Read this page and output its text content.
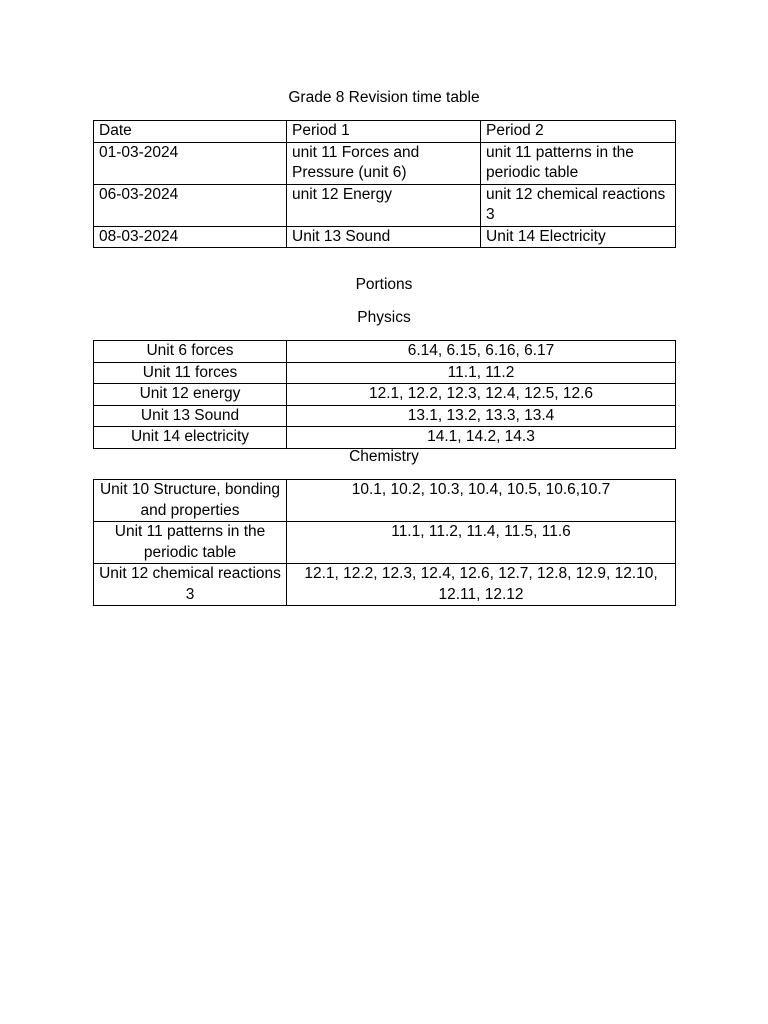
Grade 8 Revision time table
Date	Period 1	Period 2
01-03-2024	unit 11 Forces and Pressure (unit 6)	unit 11 patterns in the periodic table
06-03-2024	unit 12 Energy	unit 12 chemical reactions 3
08-03-2024	Unit 13 Sound	Unit 14 Electricity
Portions
Physics
Unit 6 forces	6.14, 6.15, 6.16, 6.17
Unit 11 forces	11.1, 11.2
Unit 12 energy	12.1, 12.2, 12.3, 12.4, 12.5, 12.6
Unit 13 Sound	13.1, 13.2, 13.3, 13.4
Unit 14 electricity	14.1, 14.2, 14.3
Chemistry
Unit 10 Structure, bonding and properties	10.1, 10.2, 10.3, 10.4, 10.5, 10.6,10.7
Unit 11 patterns in the periodic table	11.1, 11.2, 11.4, 11.5, 11.6
Unit 12 chemical reactions 3	12.1, 12.2, 12.3, 12.4, 12.6, 12.7, 12.8, 12.9, 12.10, 12.11, 12.12
